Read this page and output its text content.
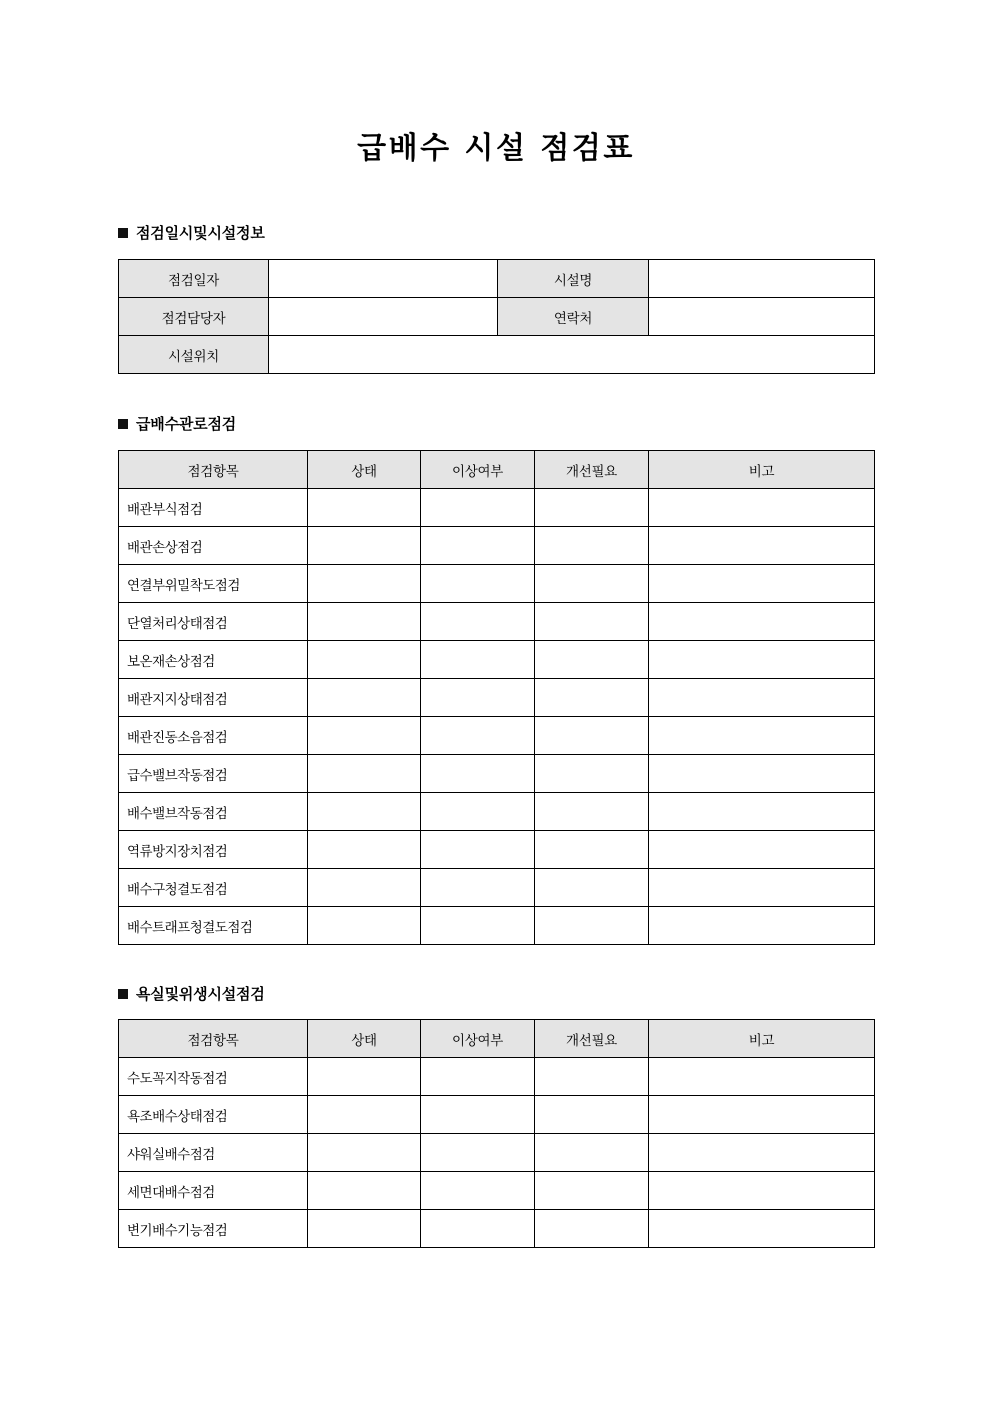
급배수 시설 점검표
점검일시및시설정보
점검일자		시설명	
점검담당자		연락처	
시설위치			
급배수관로점검
점검항목	상태	이상여부	개선필요	비고
배관부식점검				
배관손상점검				
연결부위밀착도점검				
단열처리상태점검				
보온재손상점검				
배관지지상태점검				
배관진동소음점검				
급수밸브작동점검				
배수밸브작동점검				
역류방지장치점검				
배수구청결도점검				
배수트래프청결도점검				
욕실및위생시설점검
점검항목	상태	이상여부	개선필요	비고
수도꼭지작동점검				
욕조배수상태점검				
샤워실배수점검				
세면대배수점검				
변기배수기능점검				
